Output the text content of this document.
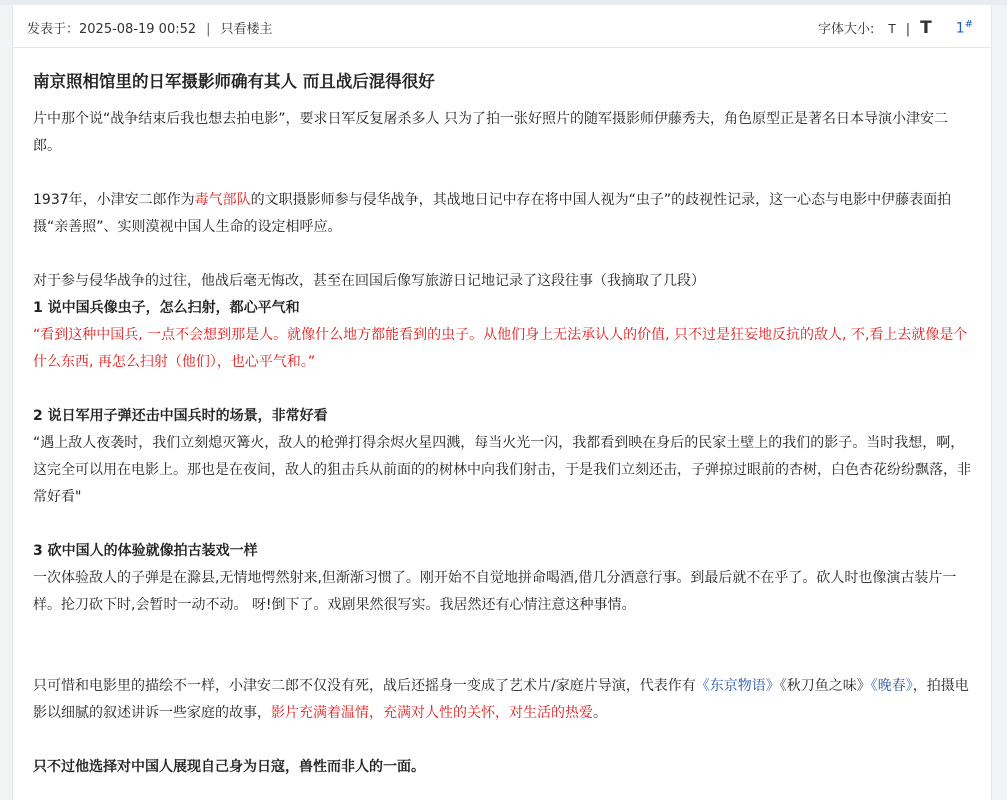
发表于：2025-08-19 00:52 | 只看楼主	字体大小: T | T 1#
南京照相馆里的日军摄影师确有其人 而且战后混得很好

片中那个说“战争结束后我也想去拍电影”，要求日军反复屠杀多人 只为了拍一张好照片的随军摄影师伊藤秀夫，角色原型正是著名日本导演小津安二郎。

1937年，小津安二郎作为毒气部队的文职摄影师参与侵华战争，其战地日记中存在将中国人视为“虫子”的歧视性记录，这一心态与电影中伊藤表面拍摄“亲善照”、实则漠视中国人生命的设定相呼应。

对于参与侵华战争的过往，他战后毫无悔改，甚至在回国后像写旅游日记地记录了这段往事（我摘取了几段）

1 说中国兵像虫子，怎么扫射，都心平气和

“看到这种中国兵, 一点不会想到那是人。就像什么地方都能看到的虫子。从他们身上无法承认人的价值, 只不过是狂妄地反抗的敌人, 不,看上去就像是个什么东西, 再怎么扫射（他们），也心平气和。”

2 说日军用子弹还击中国兵时的场景，非常好看

“遇上敌人夜袭时，我们立刻熄灭篝火，敌人的枪弹打得余烬火星四溅，每当火光一闪，我都看到映在身后的民家土壁上的我们的影子。当时我想，啊，这完全可以用在电影上。那也是在夜间，敌人的狙击兵从前面的的树林中向我们射击，于是我们立刻还击，子弹掠过眼前的杏树，白色杏花纷纷飘落，非常好看"

3 砍中国人的体验就像拍古装戏一样

一次体验敌人的子弹是在滁县,无情地愕然射来,但渐渐习惯了。刚开始不自觉地拼命喝酒,借几分酒意行事。到最后就不在乎了。砍人时也像演古装片一样。抡刀砍下时,会暂时一动不动。 呀!倒下了。戏剧果然很写实。我居然还有心情注意这种事情。

只可惜和电影里的描绘不一样，小津安二郎不仅没有死，战后还摇身一变成了艺术片/家庭片导演，代表作有《东京物语》《秋刀鱼之味》《晚春》，拍摄电影以细腻的叙述讲诉一些家庭的故事，影片充满着温情，充满对人性的关怀，对生活的热爱。

只不过他选择对中国人展现自己身为日寇，兽性而非人的一面。
